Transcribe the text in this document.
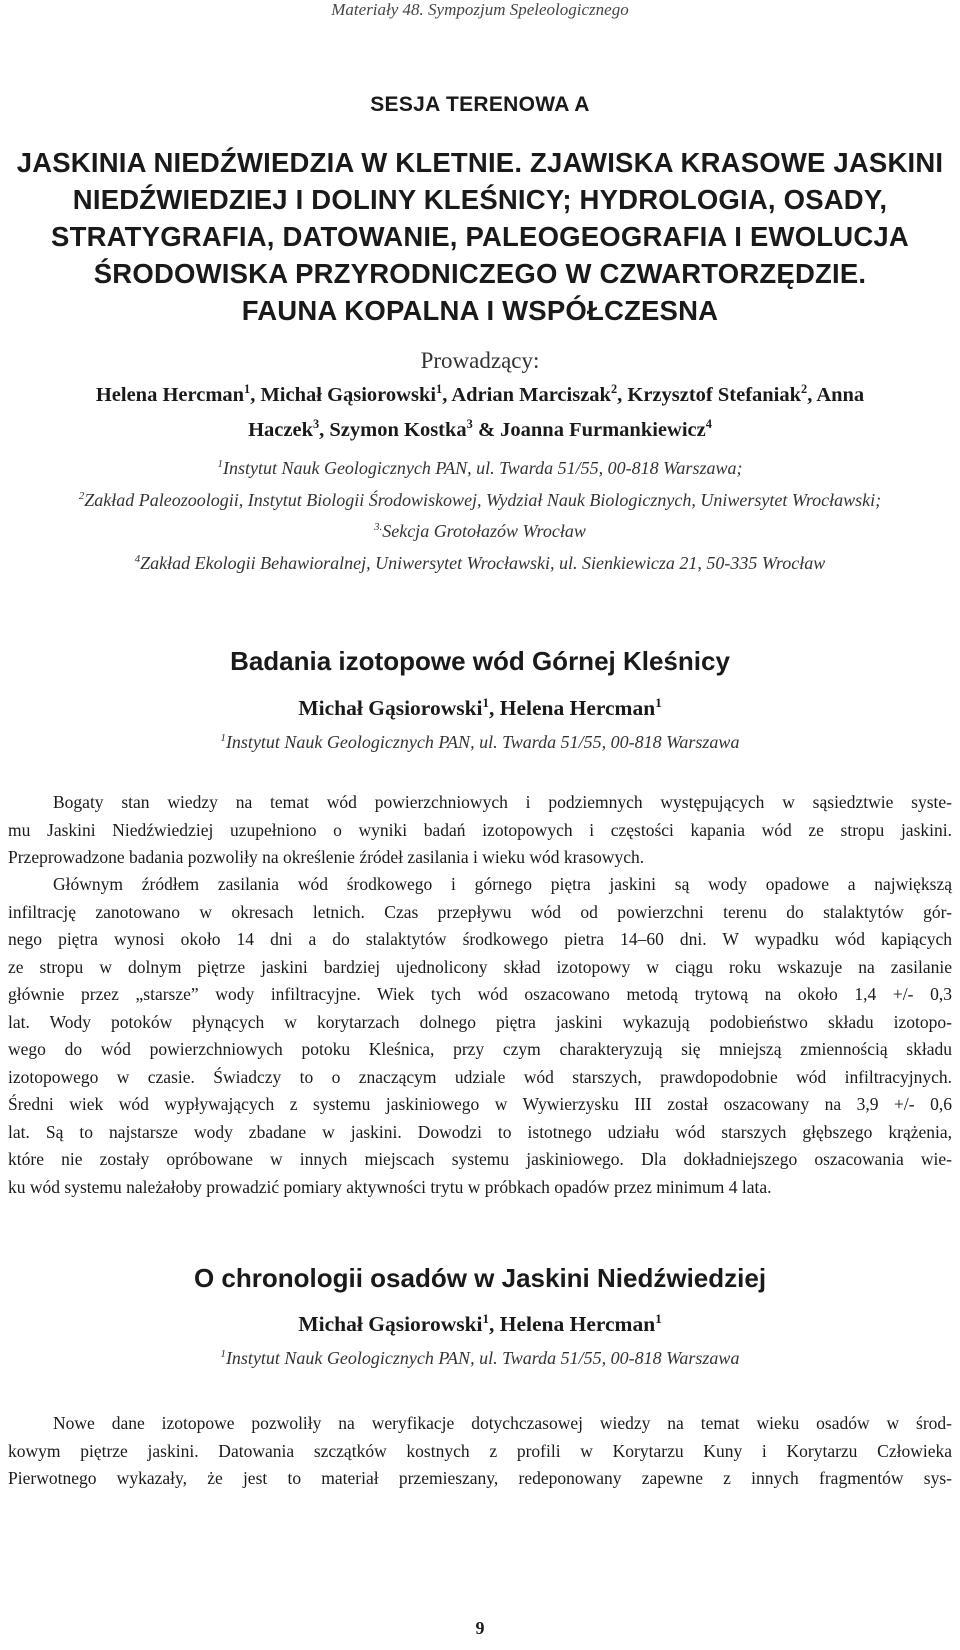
Materiały 48. Sympozjum Speleologicznego
SESJA TERENOWA A
JASKINIA NIEDŹWIEDZIA W KLETNIE. ZJAWISKA KRASOWE JASKINI
NIEDŹWIEDZIEJ I DOLINY KLEŚNICY; HYDROLOGIA, OSADY,
STRATYGRAFIA, DATOWANIE, PALEOGEOGRAFIA I EWOLUCJA
ŚRODOWISKA PRZYRODNICZEGO W CZWARTORZĘDZIE.
FAUNA KOPALNA I WSPÓŁCZESNA
Prowadzący:
Helena Hercman$^1$, Michał Gąsiorowski$^1$, Adrian Marciszak$^2$, Krzysztof Stefaniak$^2$, Anna
Haczek$^3$, Szymon Kostka$^3$ & Joanna Furmankiewicz$^4$
$^1$Instytut Nauk Geologicznych PAN, ul. Twarda 51/55, 00-818 Warszawa;
$^2$Zakład Paleozoologii, Instytut Biologii Środowiskowej, Wydział Nauk Biologicznych, Uniwersytet Wrocławski;
$^{3.}$Sekcja Grotołazów Wrocław
$^4$Zakład Ekologii Behawioralnej, Uniwersytet Wrocławski, ul. Sienkiewicza 21, 50-335 Wrocław
Badania izotopowe wód Górnej Kleśnicy
Michał Gąsiorowski$^1$, Helena Hercman$^1$
$^1$Instytut Nauk Geologicznych PAN, ul. Twarda 51/55, 00-818 Warszawa
Bogaty stan wiedzy na temat wód powierzchniowych i podziemnych występujących w sąsiedztwie syste-
mu Jaskini Niedźwiedziej uzupełniono o wyniki badań izotopowych i częstości kapania wód ze stropu jaskini.
Przeprowadzone badania pozwoliły na określenie źródeł zasilania i wieku wód krasowych.
Głównym źródłem zasilania wód środkowego i górnego piętra jaskini są wody opadowe a największą
infiltrację zanotowano w okresach letnich. Czas przepływu wód od powierzchni terenu do stalaktytów gór-
nego piętra wynosi około 14 dni a do stalaktytów środkowego pietra 14–60 dni. W wypadku wód kapiących
ze stropu w dolnym piętrze jaskini bardziej ujednolicony skład izotopowy w ciągu roku wskazuje na zasilanie
głównie przez „starsze” wody infiltracyjne. Wiek tych wód oszacowano metodą trytową na około 1,4 +/- 0,3
lat. Wody potoków płynących w korytarzach dolnego piętra jaskini wykazują podobieństwo składu izotopo-
wego do wód powierzchniowych potoku Kleśnica, przy czym charakteryzują się mniejszą zmiennością składu
izotopowego w czasie. Świadczy to o znaczącym udziale wód starszych, prawdopodobnie wód infiltracyjnych.
Średni wiek wód wypływających z systemu jaskiniowego w Wywierzysku III został oszacowany na 3,9 +/- 0,6
lat. Są to najstarsze wody zbadane w jaskini. Dowodzi to istotnego udziału wód starszych głębszego krążenia,
które nie zostały opróbowane w innych miejscach systemu jaskiniowego. Dla dokładniejszego oszacowania wie-
ku wód systemu należałoby prowadzić pomiary aktywności trytu w próbkach opadów przez minimum 4 lata.
O chronologii osadów w Jaskini Niedźwiedziej
Michał Gąsiorowski$^1$, Helena Hercman$^1$
$^1$Instytut Nauk Geologicznych PAN, ul. Twarda 51/55, 00-818 Warszawa
Nowe dane izotopowe pozwoliły na weryfikacje dotychczasowej wiedzy na temat wieku osadów w środ-
kowym piętrze jaskini. Datowania szczątków kostnych z profili w Korytarzu Kuny i Korytarzu Człowieka
Pierwotnego wykazały, że jest to materiał przemieszany, redeponowany zapewne z innych fragmentów sys-
9
